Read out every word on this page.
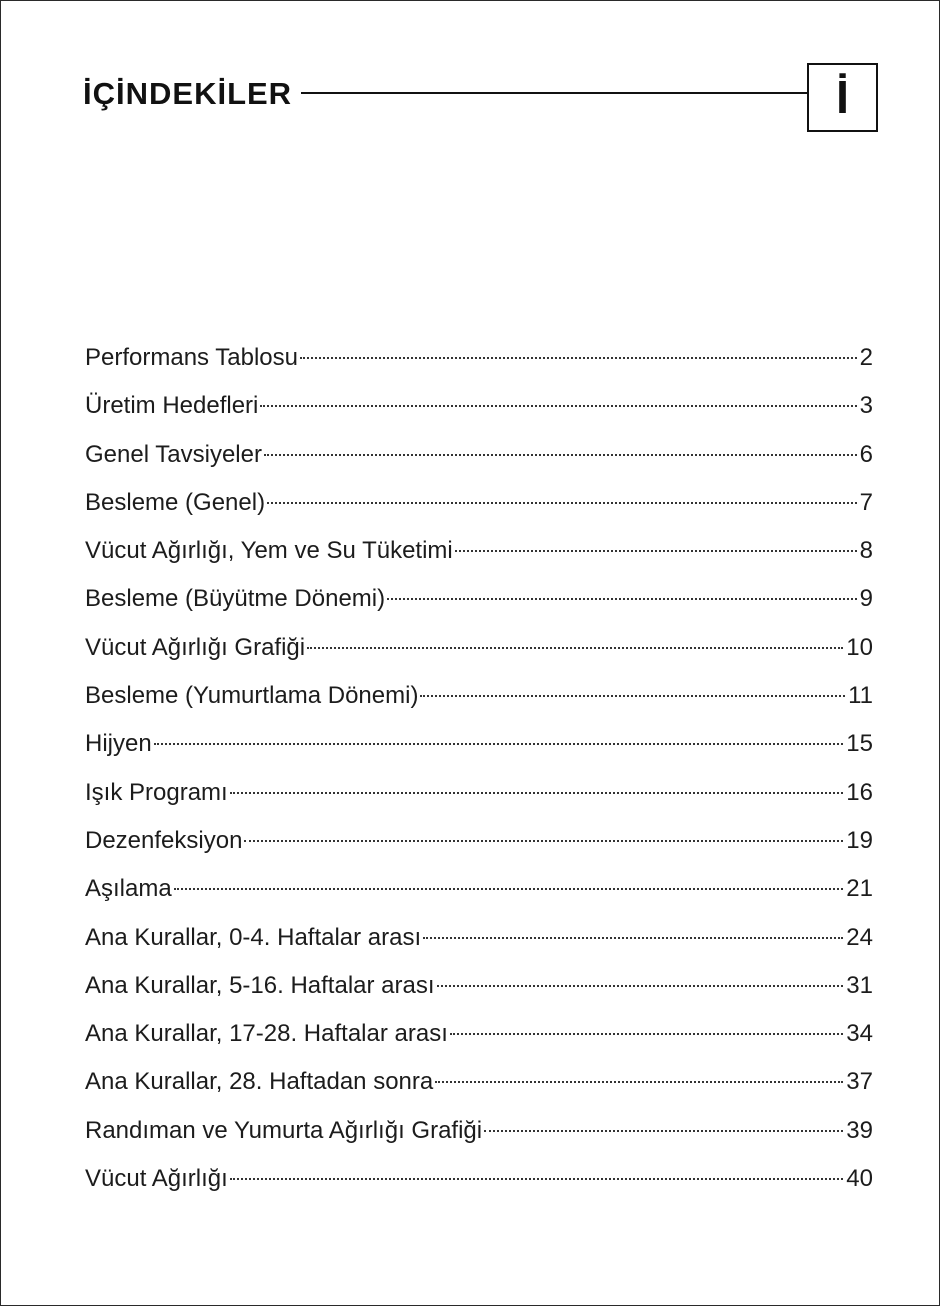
İÇİNDEKİLER	İ
Performans Tablosu	2
Üretim Hedefleri	3
Genel Tavsiyeler	6
Besleme (Genel)	7
Vücut Ağırlığı, Yem ve Su Tüketimi	8
Besleme (Büyütme Dönemi)	9
Vücut Ağırlığı Grafiği	10
Besleme (Yumurtlama Dönemi)	11
Hijyen	15
Işık Programı	16
Dezenfeksiyon	19
Aşılama	21
Ana Kurallar, 0-4. Haftalar arası	24
Ana Kurallar, 5-16. Haftalar arası	31
Ana Kurallar, 17-28. Haftalar arası	34
Ana Kurallar, 28. Haftadan sonra	37
Randıman ve Yumurta Ağırlığı Grafiği	39
Vücut Ağırlığı	40
